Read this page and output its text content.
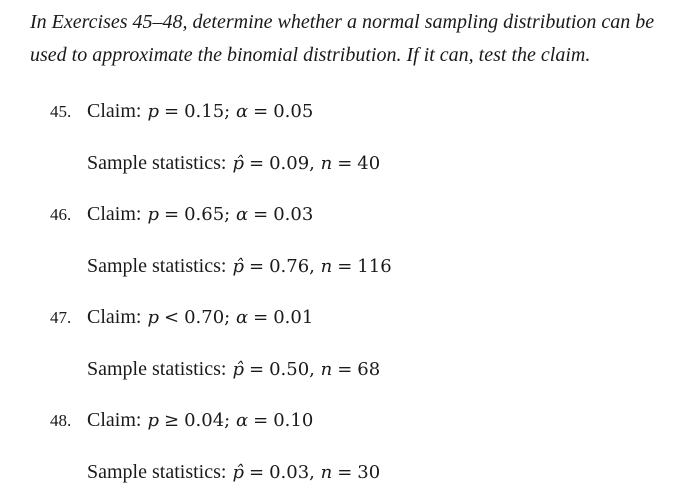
In Exercises 45–48, determine whether a normal sampling distribution can be used to approximate the binomial distribution. If it can, test the claim.

45. Claim: p = 0.15; α = 0.05
Sample statistics: p̂ = 0.09, n = 40
46. Claim: p = 0.65; α = 0.03
Sample statistics: p̂ = 0.76, n = 116
47. Claim: p < 0.70; α = 0.01
Sample statistics: p̂ = 0.50, n = 68
48. Claim: p ≥ 0.04; α = 0.10
Sample statistics: p̂ = 0.03, n = 30
